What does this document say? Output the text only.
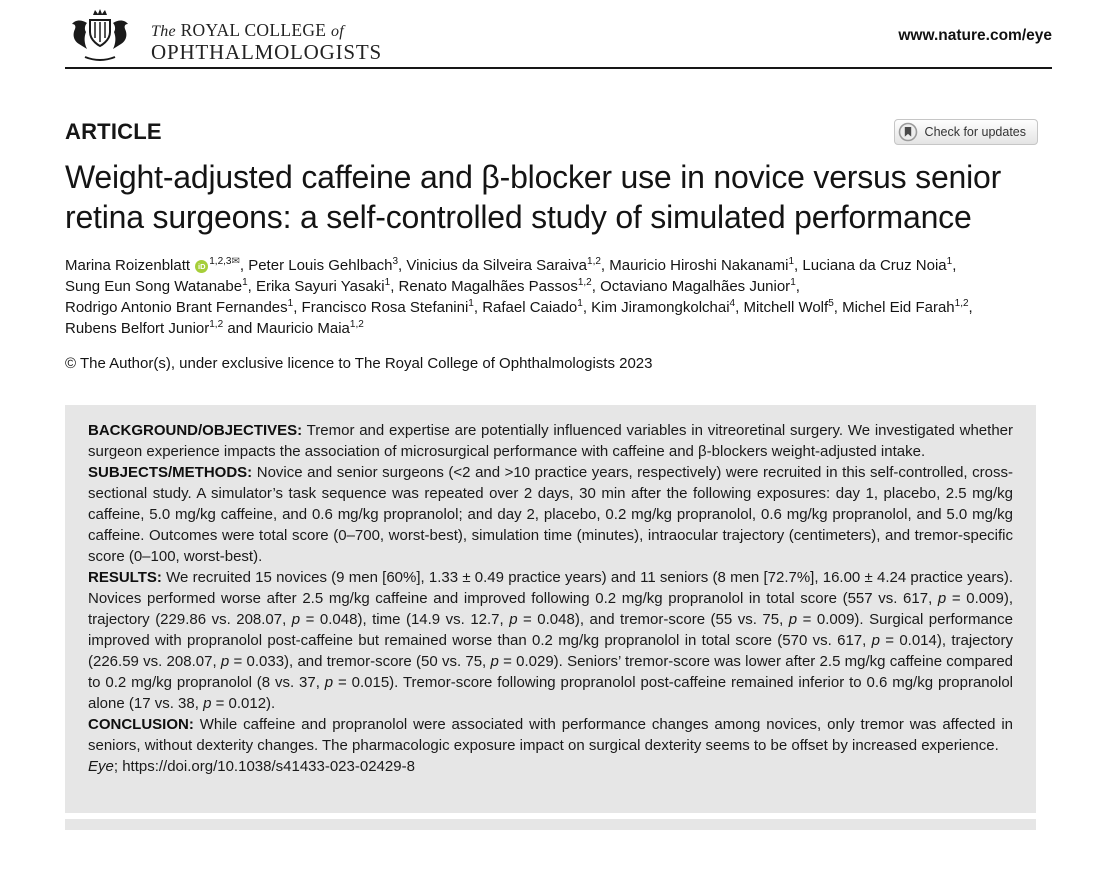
The ROYAL COLLEGE of
OPHTHALMOLOGISTS
www.nature.com/eye
ARTICLE	Check for updates
Weight-adjusted caffeine and β-blocker use in novice versus senior retina surgeons: a self-controlled study of simulated performance
Marina Roizenblatt iD $^{1,2,3✉}$, Peter Louis Gehlbach$^3$, Vinicius da Silveira Saraiva$^{1,2}$, Mauricio Hiroshi Nakanami$^1$, Luciana da Cruz Noia$^1$,
Sung Eun Song Watanabe$^1$, Erika Sayuri Yasaki$^1$, Renato Magalhães Passos$^{1,2}$, Octaviano Magalhães Junior$^1$,
Rodrigo Antonio Brant Fernandes$^1$, Francisco Rosa Stefanini$^1$, Rafael Caiado$^1$, Kim Jiramongkolchai$^4$, Mitchell Wolf$^5$, Michel Eid Farah$^{1,2}$,
Rubens Belfort Junior$^{1,2}$ and Mauricio Maia$^{1,2}$
© The Author(s), under exclusive licence to The Royal College of Ophthalmologists 2023

BACKGROUND/OBJECTIVES: Tremor and expertise are potentially influenced variables in vitreoretinal surgery. We investigated whether surgeon experience impacts the association of microsurgical performance with caffeine and β-blockers weight-adjusted intake.

SUBJECTS/METHODS: Novice and senior surgeons (<2 and >10 practice years, respectively) were recruited in this self-controlled, cross-sectional study. A simulator’s task sequence was repeated over 2 days, 30 min after the following exposures: day 1, placebo, 2.5 mg/kg caffeine, 5.0 mg/kg caffeine, and 0.6 mg/kg propranolol; and day 2, placebo, 0.2 mg/kg propranolol, 0.6 mg/kg propranolol, and 5.0 mg/kg caffeine. Outcomes were total score (0–700, worst-best), simulation time (minutes), intraocular trajectory (centimeters), and tremor-specific score (0–100, worst-best).

RESULTS: We recruited 15 novices (9 men [60%], 1.33 ± 0.49 practice years) and 11 seniors (8 men [72.7%], 16.00 ± 4.24 practice years). Novices performed worse after 2.5 mg/kg caffeine and improved following 0.2 mg/kg propranolol in total score (557 vs. 617, p = 0.009), trajectory (229.86 vs. 208.07, p = 0.048), time (14.9 vs. 12.7, p = 0.048), and tremor-score (55 vs. 75, p = 0.009). Surgical performance improved with propranolol post-caffeine but remained worse than 0.2 mg/kg propranolol in total score (570 vs. 617, p = 0.014), trajectory (226.59 vs. 208.07, p = 0.033), and tremor-score (50 vs. 75, p = 0.029). Seniors’ tremor-score was lower after 2.5 mg/kg caffeine compared to 0.2 mg/kg propranolol (8 vs. 37, p = 0.015). Tremor-score following propranolol post-caffeine remained inferior to 0.6 mg/kg propranolol alone (17 vs. 38, p = 0.012).

CONCLUSION: While caffeine and propranolol were associated with performance changes among novices, only tremor was affected in seniors, without dexterity changes. The pharmacologic exposure impact on surgical dexterity seems to be offset by increased experience.

Eye; https://doi.org/10.1038/s41433-023-02429-8
